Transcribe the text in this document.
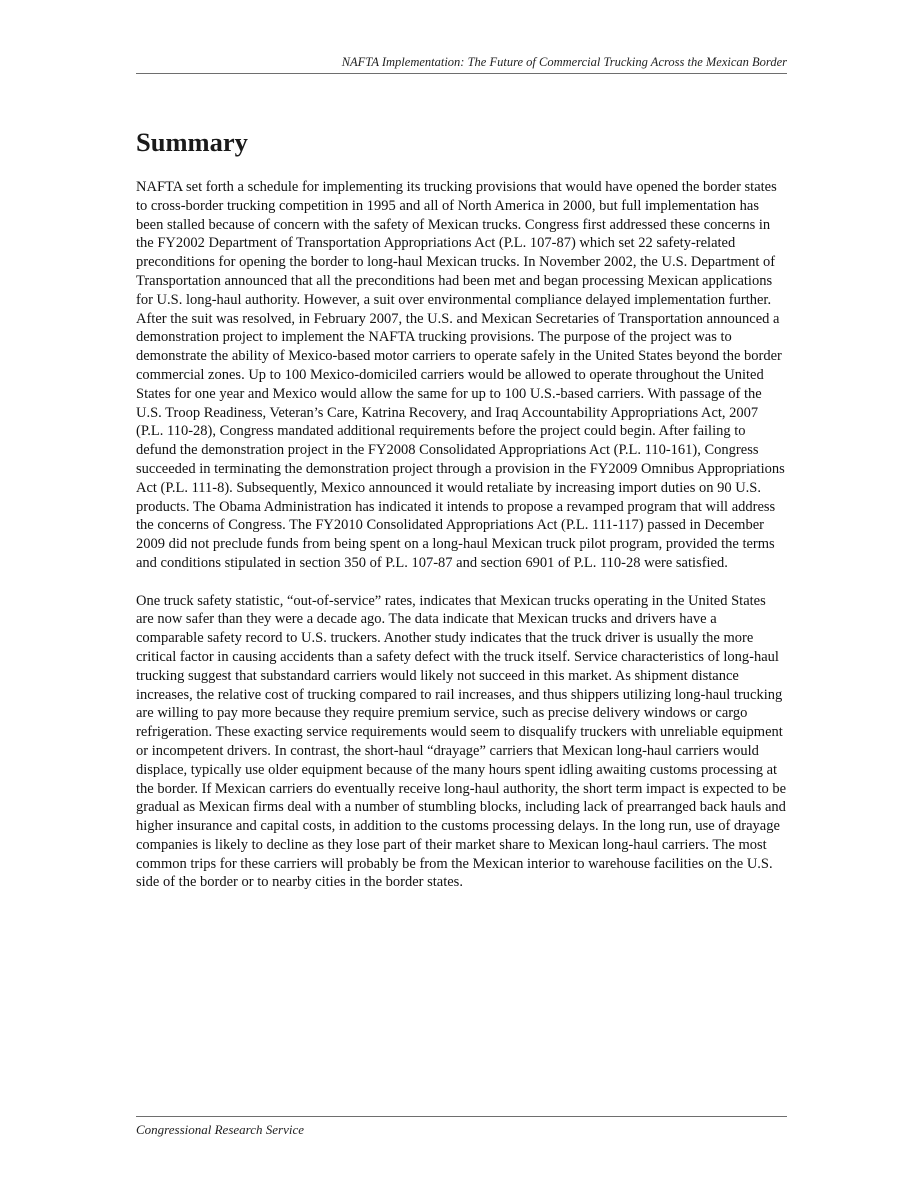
NAFTA Implementation: The Future of Commercial Trucking Across the Mexican Border
Summary

NAFTA set forth a schedule for implementing its trucking provisions that would have opened the border states to cross-border trucking competition in 1995 and all of North America in 2000, but full implementation has been stalled because of concern with the safety of Mexican trucks. Congress first addressed these concerns in the FY2002 Department of Transportation Appropriations Act (P.L. 107-87) which set 22 safety-related preconditions for opening the border to long-haul Mexican trucks. In November 2002, the U.S. Department of Transportation announced that all the preconditions had been met and began processing Mexican applications for U.S. long-haul authority. However, a suit over environmental compliance delayed implementation further. After the suit was resolved, in February 2007, the U.S. and Mexican Secretaries of Transportation announced a demonstration project to implement the NAFTA trucking provisions. The purpose of the project was to demonstrate the ability of Mexico-based motor carriers to operate safely in the United States beyond the border commercial zones. Up to 100 Mexico-domiciled carriers would be allowed to operate throughout the United States for one year and Mexico would allow the same for up to 100 U.S.-based carriers. With passage of the U.S. Troop Readiness, Veteran’s Care, Katrina Recovery, and Iraq Accountability Appropriations Act, 2007 (P.L. 110-28), Congress mandated additional requirements before the project could begin. After failing to defund the demonstration project in the FY2008 Consolidated Appropriations Act (P.L. 110-161), Congress succeeded in terminating the demonstration project through a provision in the FY2009 Omnibus Appropriations Act (P.L. 111-8). Subsequently, Mexico announced it would retaliate by increasing import duties on 90 U.S. products. The Obama Administration has indicated it intends to propose a revamped program that will address the concerns of Congress. The FY2010 Consolidated Appropriations Act (P.L. 111-117) passed in December 2009 did not preclude funds from being spent on a long-haul Mexican truck pilot program, provided the terms and conditions stipulated in section 350 of P.L. 107-87 and section 6901 of P.L. 110-28 were satisfied.

One truck safety statistic, “out-of-service” rates, indicates that Mexican trucks operating in the United States are now safer than they were a decade ago. The data indicate that Mexican trucks and drivers have a comparable safety record to U.S. truckers. Another study indicates that the truck driver is usually the more critical factor in causing accidents than a safety defect with the truck itself. Service characteristics of long-haul trucking suggest that substandard carriers would likely not succeed in this market. As shipment distance increases, the relative cost of trucking compared to rail increases, and thus shippers utilizing long-haul trucking are willing to pay more because they require premium service, such as precise delivery windows or cargo refrigeration. These exacting service requirements would seem to disqualify truckers with unreliable equipment or incompetent drivers. In contrast, the short-haul “drayage” carriers that Mexican long-haul carriers would displace, typically use older equipment because of the many hours spent idling awaiting customs processing at the border. If Mexican carriers do eventually receive long-haul authority, the short term impact is expected to be gradual as Mexican firms deal with a number of stumbling blocks, including lack of prearranged back hauls and higher insurance and capital costs, in addition to the customs processing delays. In the long run, use of drayage companies is likely to decline as they lose part of their market share to Mexican long-haul carriers. The most common trips for these carriers will probably be from the Mexican interior to warehouse facilities on the U.S. side of the border or to nearby cities in the border states.

Congressional Research Service
